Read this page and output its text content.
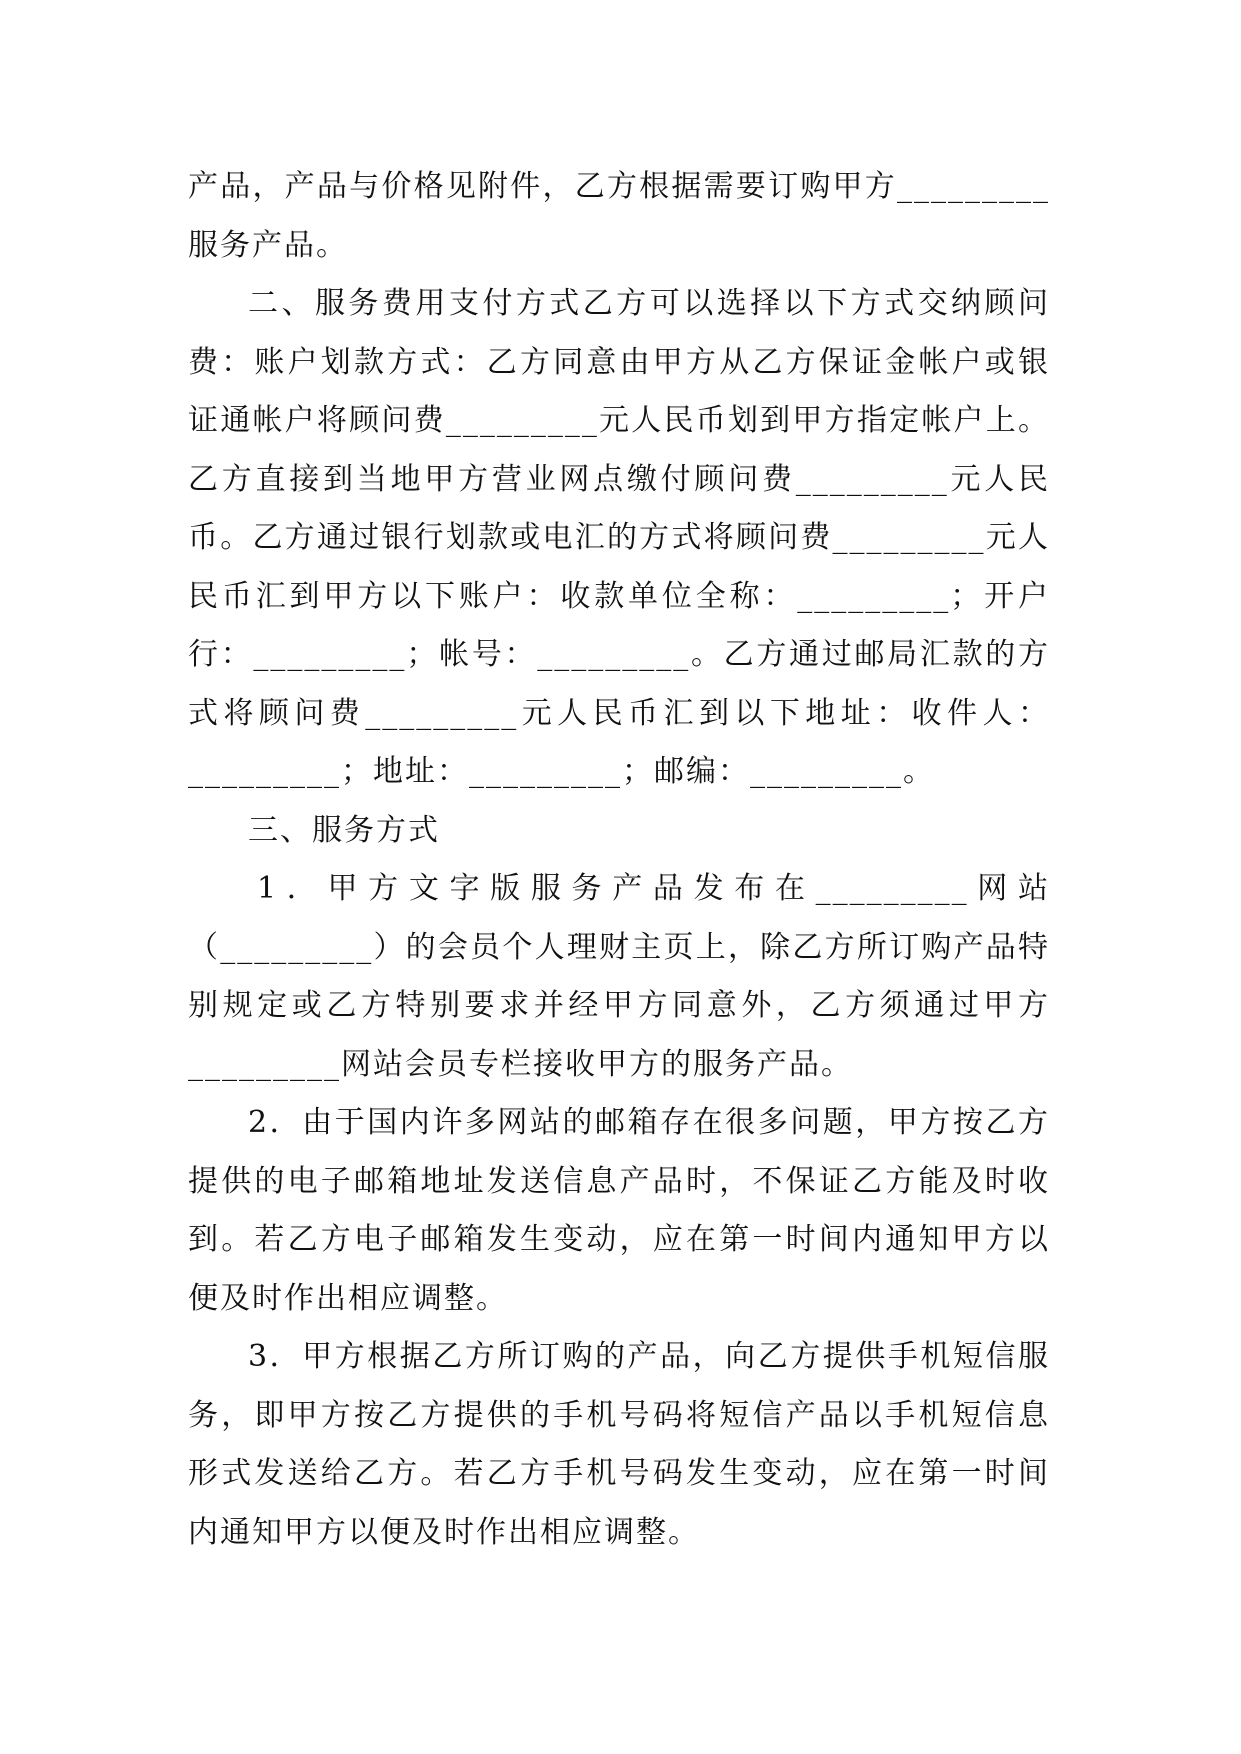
产品，产品与价格见附件，乙方根据需要订购甲方_________服务产品。

二、服务费用支付方式乙方可以选择以下方式交纳顾问费：账户划款方式：乙方同意由甲方从乙方保证金帐户或银证通帐户将顾问费_________元人民币划到甲方指定帐户上。乙方直接到当地甲方营业网点缴付顾问费_________元人民币。乙方通过银行划款或电汇的方式将顾问费_________元人民币汇到甲方以下账户：收款单位全称：_________；开户行：_________；帐号：_________。乙方通过邮局汇款的方式将顾问费_________元人民币汇到以下地址：收件人：_________；地址：_________；邮编：_________。

三、服务方式

1．甲方文字版服务产品发布在_________网站（_________）的会员个人理财主页上，除乙方所订购产品特别规定或乙方特别要求并经甲方同意外，乙方须通过甲方_________网站会员专栏接收甲方的服务产品。

2．由于国内许多网站的邮箱存在很多问题，甲方按乙方提供的电子邮箱地址发送信息产品时，不保证乙方能及时收到。若乙方电子邮箱发生变动，应在第一时间内通知甲方以便及时作出相应调整。

3．甲方根据乙方所订购的产品，向乙方提供手机短信服务，即甲方按乙方提供的手机号码将短信产品以手机短信息形式发送给乙方。若乙方手机号码发生变动，应在第一时间内通知甲方以便及时作出相应调整。
